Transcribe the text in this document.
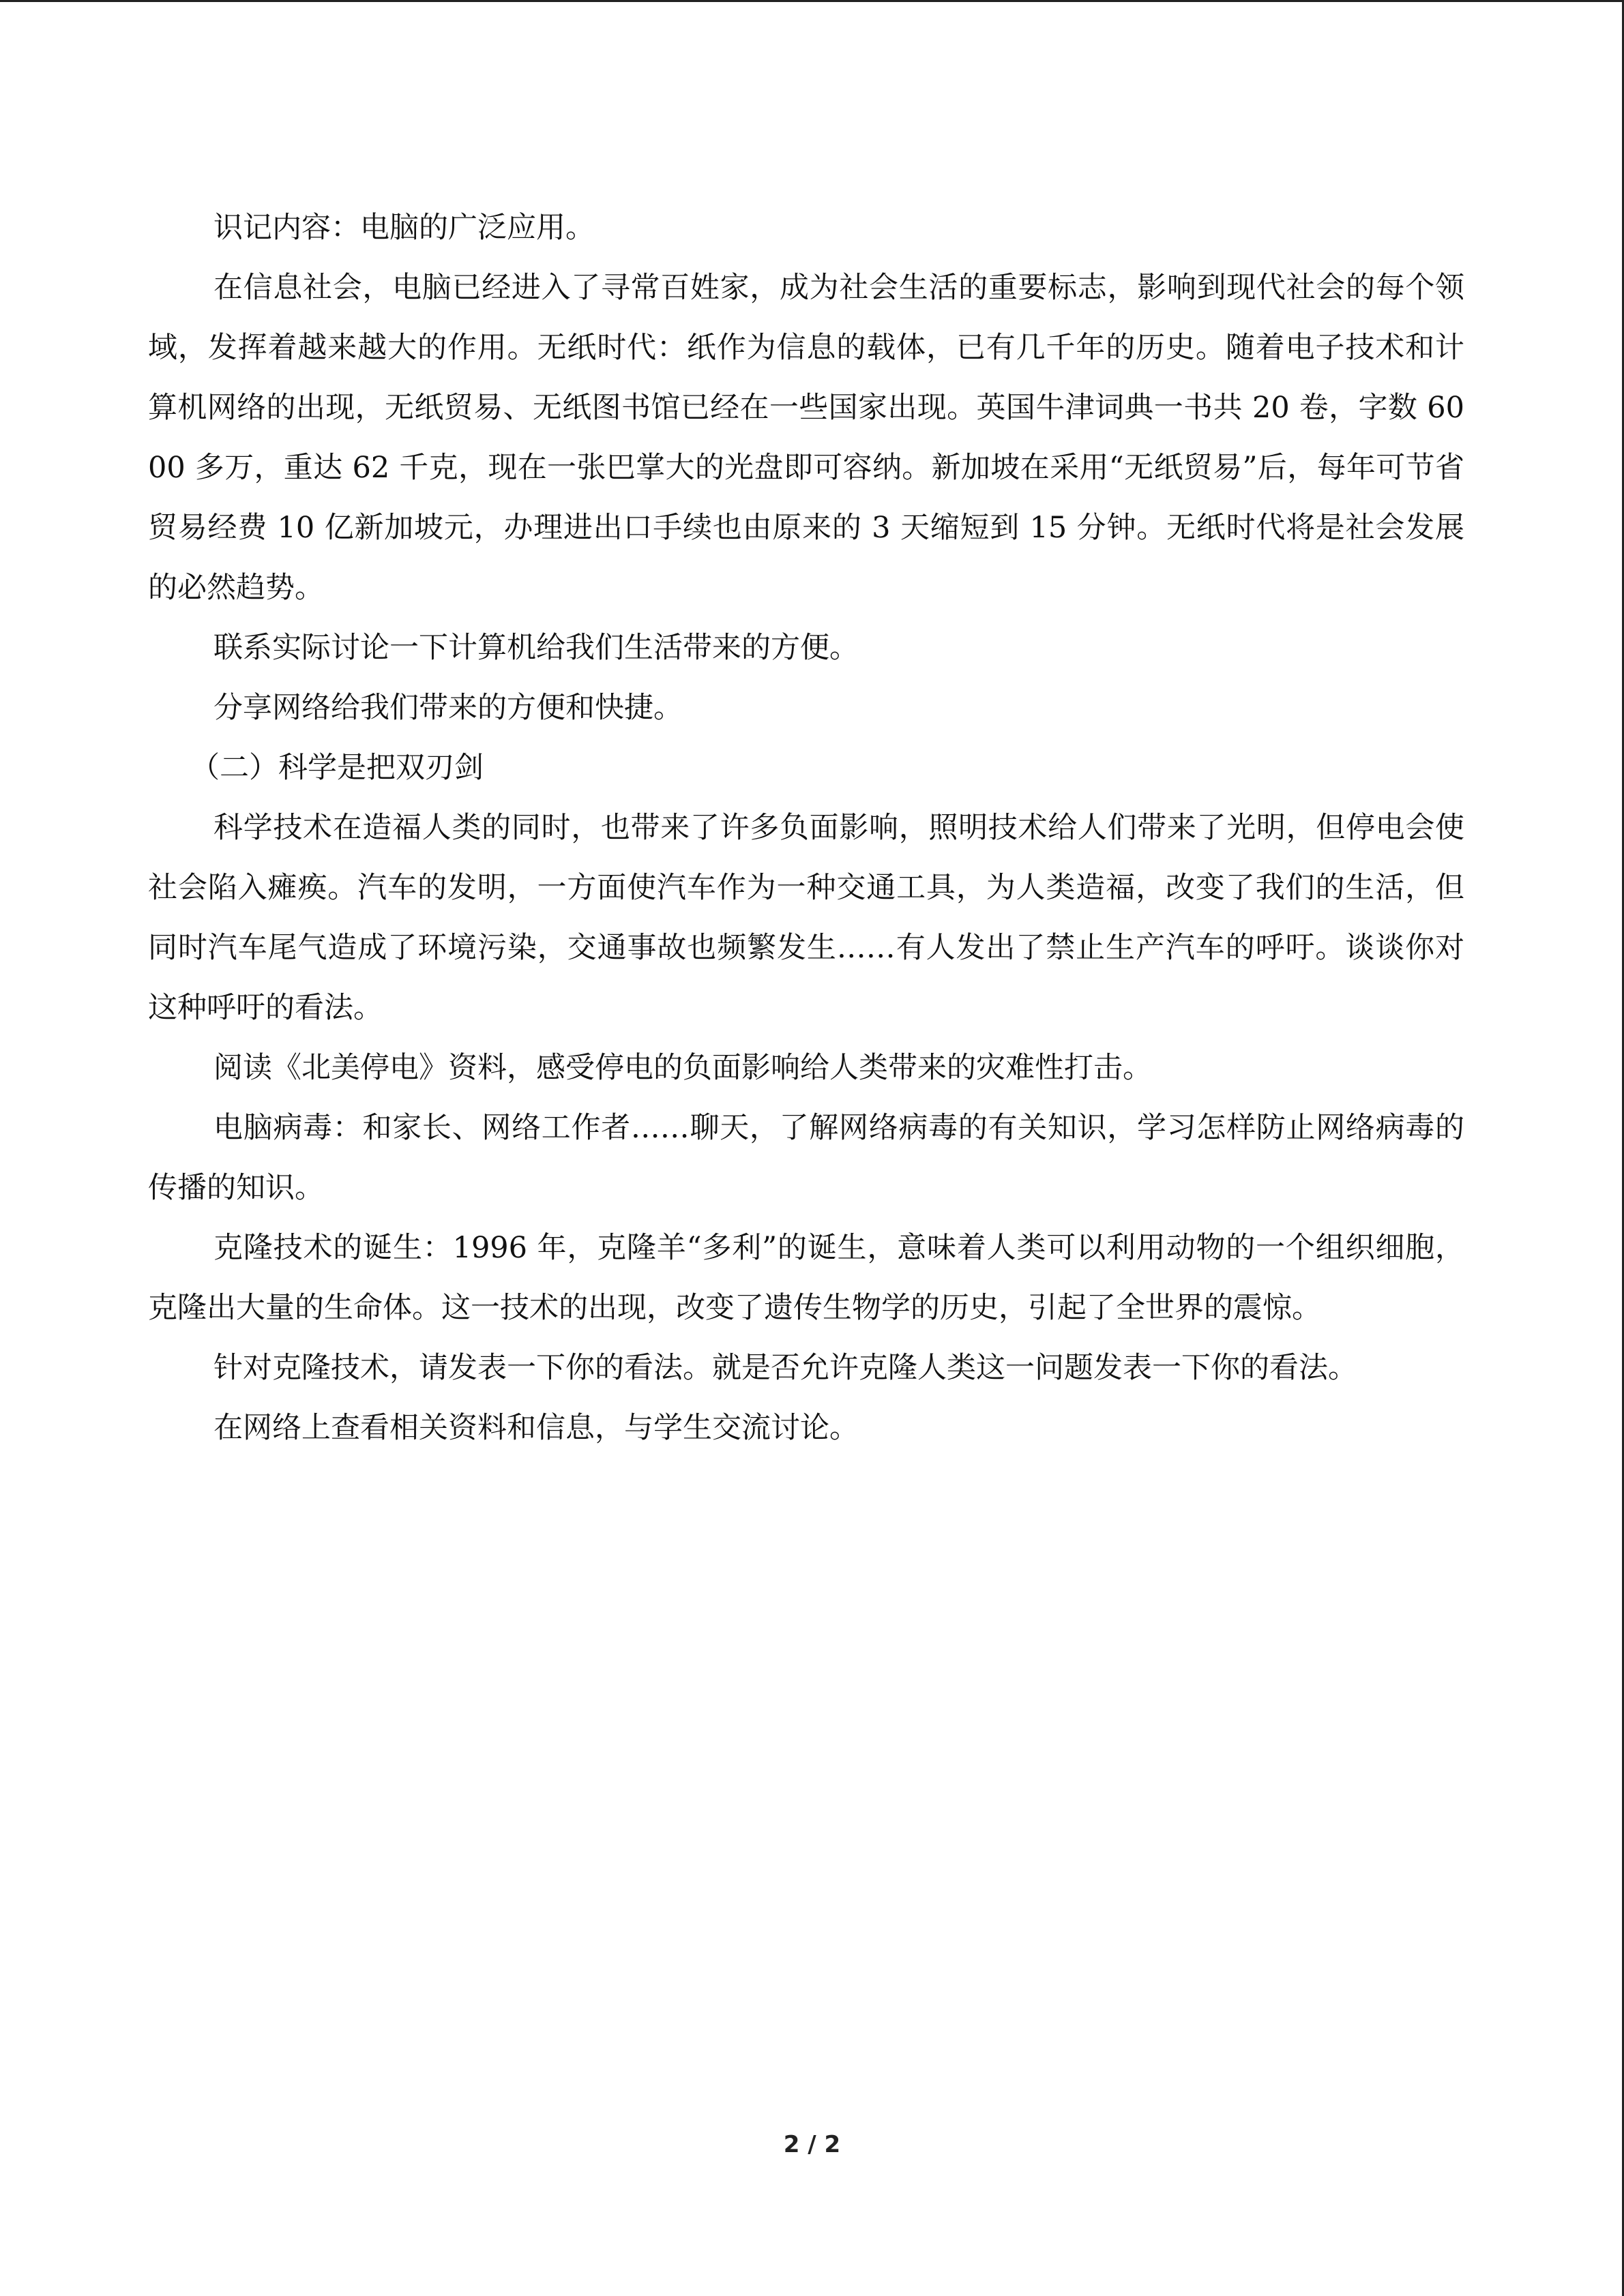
识记内容：电脑的广泛应用。

在信息社会，电脑已经进入了寻常百姓家，成为社会生活的重要标志，影响到现代社会的每个领域，发挥着越来越大的作用。无纸时代：纸作为信息的载体，已有几千年的历史。随着电子技术和计算机网络的出现，无纸贸易、无纸图书馆已经在一些国家出现。英国牛津词典一书共 20 卷，字数 6000 多万，重达 62 千克，现在一张巴掌大的光盘即可容纳。新加坡在采用“无纸贸易”后，每年可节省贸易经费 10 亿新加坡元，办理进出口手续也由原来的 3 天缩短到 15 分钟。无纸时代将是社会发展的必然趋势。

联系实际讨论一下计算机给我们生活带来的方便。

分享网络给我们带来的方便和快捷。

（二）科学是把双刃剑

科学技术在造福人类的同时，也带来了许多负面影响，照明技术给人们带来了光明，但停电会使社会陷入瘫痪。汽车的发明，一方面使汽车作为一种交通工具，为人类造福，改变了我们的生活，但同时汽车尾气造成了环境污染，交通事故也频繁发生……有人发出了禁止生产汽车的呼吁。谈谈你对这种呼吁的看法。

阅读《北美停电》资料，感受停电的负面影响给人类带来的灾难性打击。

电脑病毒：和家长、网络工作者……聊天，了解网络病毒的有关知识，学习怎样防止网络病毒的传播的知识。

克隆技术的诞生：1996 年，克隆羊“多利”的诞生，意味着人类可以利用动物的一个组织细胞，克隆出大量的生命体。这一技术的出现，改变了遗传生物学的历史，引起了全世界的震惊。

针对克隆技术，请发表一下你的看法。就是否允许克隆人类这一问题发表一下你的看法。

在网络上查看相关资料和信息，与学生交流讨论。

2 / 2
